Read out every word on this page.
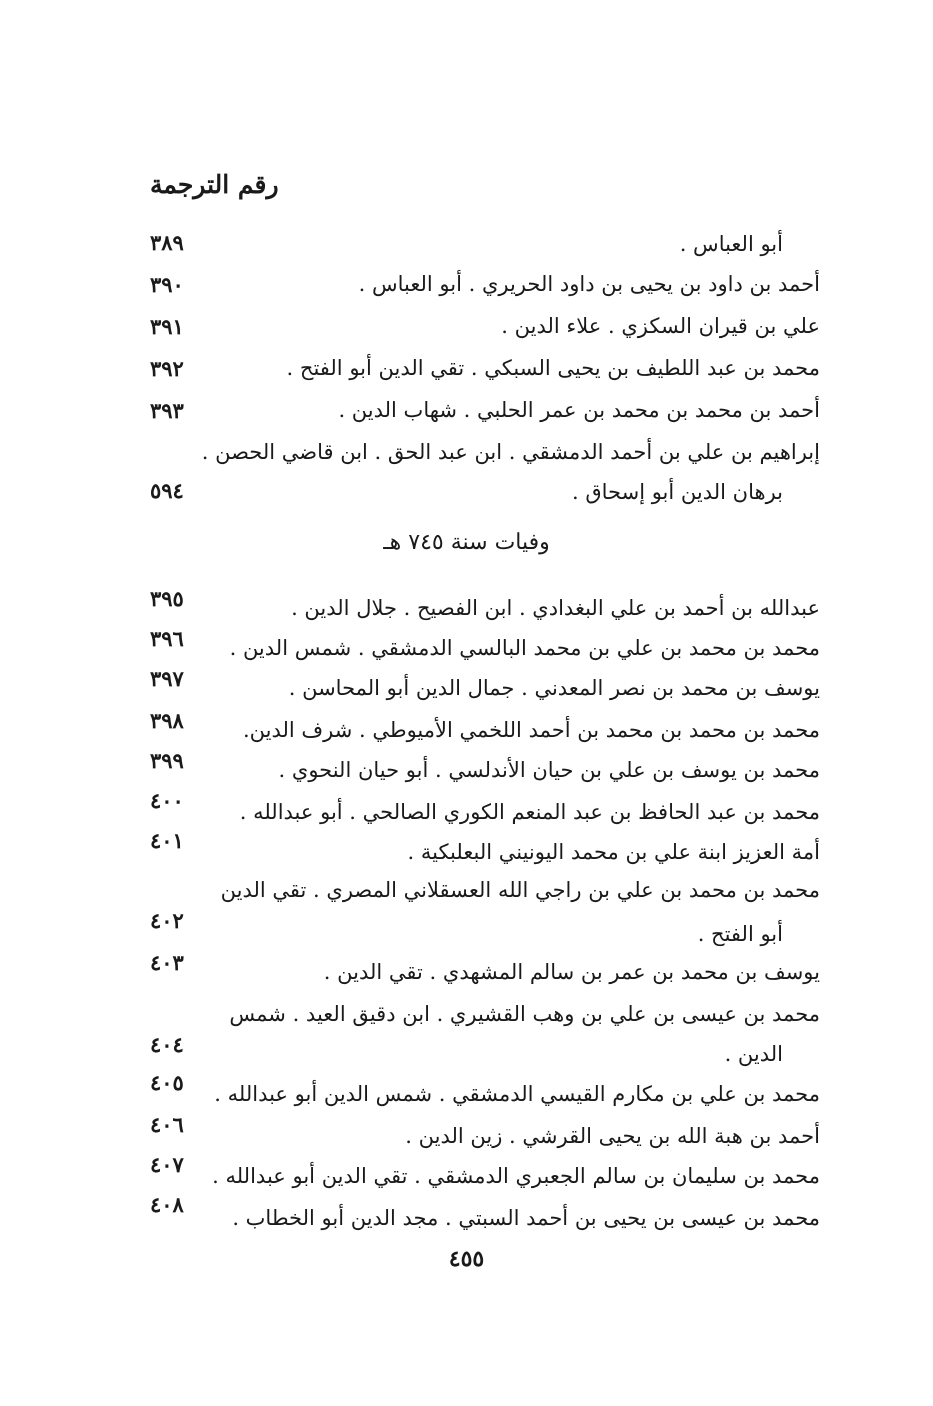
رقم الترجمة
أبو العباس .
أحمد بن داود بن يحيى بن داود الحريري . أبو العباس .
علي بن قيران السكزي . علاء الدين .
محمد بن عبد اللطيف بن يحيى السبكي . تقي الدين أبو الفتح .
أحمد بن محمد بن محمد بن عمر الحلبي . شهاب الدين .
إبراهيم بن علي بن أحمد الدمشقي . ابن عبد الحق . ابن قاضي الحصن .
برهان الدين أبو إسحاق .
وفيات سنة ٧٤٥ هـ
عبدالله بن أحمد بن علي البغدادي . ابن الفصيح . جلال الدين .
محمد بن محمد بن علي بن محمد البالسي الدمشقي . شمس الدين .
يوسف بن محمد بن نصر المعدني . جمال الدين أبو المحاسن .
محمد بن محمد بن محمد بن أحمد اللخمي الأميوطي . شرف الدين.
محمد بن يوسف بن علي بن حيان الأندلسي . أبو حيان النحوي .
محمد بن عبد الحافظ بن عبد المنعم الكوري الصالحي . أبو عبدالله .
أمة العزيز ابنة علي بن محمد اليونيني البعلبكية .
محمد بن محمد بن علي بن راجي الله العسقلاني المصري . تقي الدين
أبو الفتح .
يوسف بن محمد بن عمر بن سالم المشهدي . تقي الدين .
محمد بن عيسى بن علي بن وهب القشيري . ابن دقيق العيد . شمس
الدين .
محمد بن علي بن مكارم القيسي الدمشقي . شمس الدين أبو عبدالله .
أحمد بن هبة الله بن يحيى القرشي . زين الدين .
محمد بن سليمان بن سالم الجعبري الدمشقي . تقي الدين أبو عبدالله .
محمد بن عيسى بن يحيى بن أحمد السبتي . مجد الدين أبو الخطاب .
٣٨٩
٣٩٠
٣٩١
٣٩٢
٣٩٣
٥٩٤
٣٩٥
٣٩٦
٣٩٧
٣٩٨
٣٩٩
٤٠٠
٤٠١
٤٠٢
٤٠٣
٤٠٤
٤٠٥
٤٠٦
٤٠٧
٤٠٨
٤٥٥
